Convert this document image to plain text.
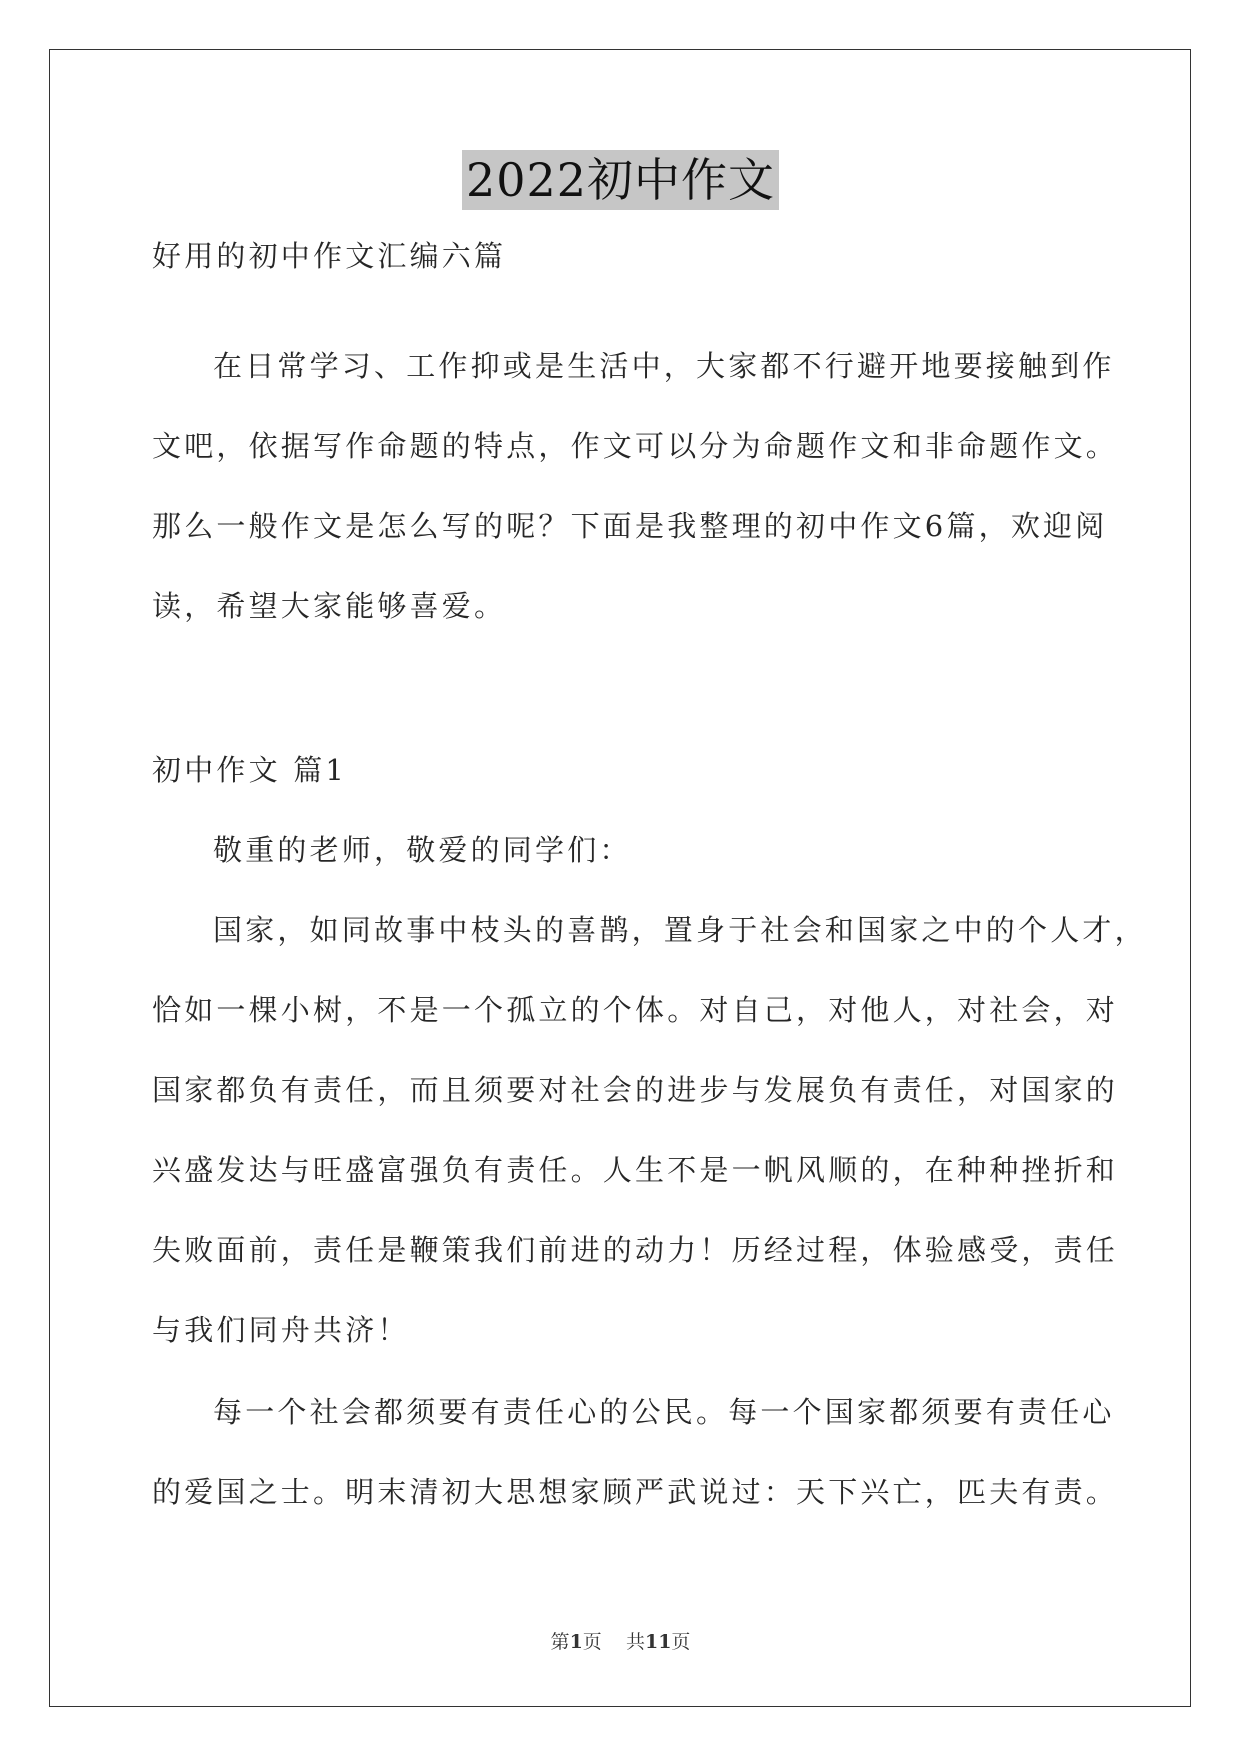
2022初中作文
好用的初中作文汇编六篇
在日常学习、工作抑或是生活中，大家都不行避开地要接触到作
文吧，依据写作命题的特点，作文可以分为命题作文和非命题作文。
那么一般作文是怎么写的呢？下面是我整理的初中作文6篇，欢迎阅
读，希望大家能够喜爱。
初中作文 篇1
敬重的老师，敬爱的同学们：
国家，如同故事中枝头的喜鹊，置身于社会和国家之中的个人才，
恰如一棵小树，不是一个孤立的个体。对自己，对他人，对社会，对
国家都负有责任，而且须要对社会的进步与发展负有责任，对国家的
兴盛发达与旺盛富强负有责任。人生不是一帆风顺的，在种种挫折和
失败面前，责任是鞭策我们前进的动力！历经过程，体验感受，责任
与我们同舟共济！
每一个社会都须要有责任心的公民。每一个国家都须要有责任心
的爱国之士。明末清初大思想家顾严武说过：天下兴亡，匹夫有责。
第1页    共11页
